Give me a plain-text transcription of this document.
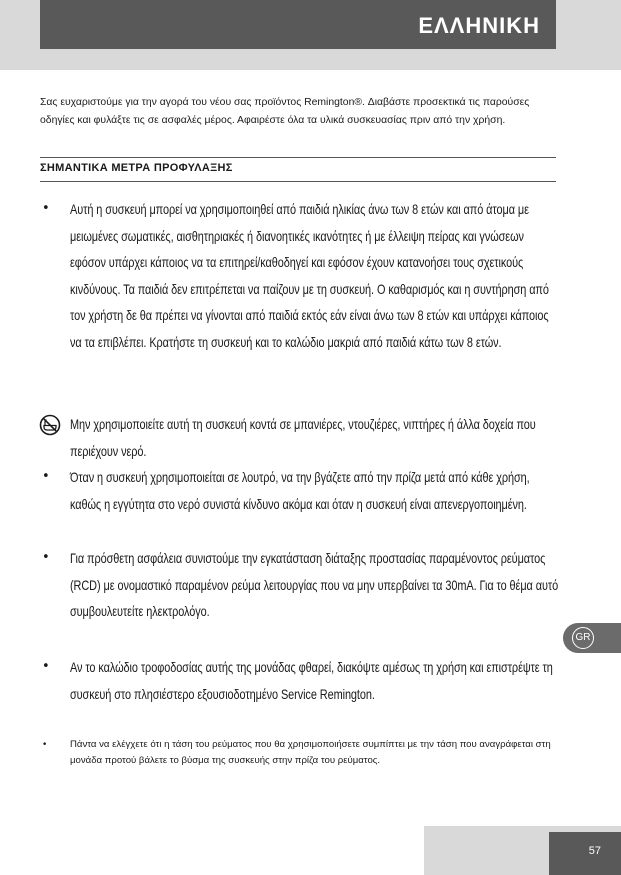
ΕΛΛΗΝΙΚΗ
Σας ευχαριστούμε για την αγορά του νέου σας προϊόντος Remington®. Διαβάστε προσεκτικά τις παρούσες οδηγίες και φυλάξτε τις σε ασφαλές μέρος. Αφαιρέστε όλα τα υλικά συσκευασίας πριν από την χρήση.
ΣΗΜΑΝΤΙΚΑ ΜΕΤΡΑ ΠΡΟΦΥΛΑΞΗΣ
•	Αυτή η συσκευή μπορεί να χρησιμοποιηθεί από παιδιά ηλικίας άνω των 8 ετών και από άτομα με μειωμένες σωματικές, αισθητηριακές ή διανοητικές ικανότητες ή με έλλειψη πείρας και γνώσεων εφόσον υπάρχει κάποιος να τα επιτηρεί/καθοδηγεί και εφόσον έχουν κατανοήσει τους σχετικούς κινδύνους. Τα παιδιά δεν επιτρέπεται να παίζουν με τη συσκευή. Ο καθαρισμός και η συντήρηση από τον χρήστη δε θα πρέπει να γίνονται από παιδιά εκτός εάν είναι άνω των 8 ετών και υπάρχει κάποιος να τα επιβλέπει. Κρατήστε τη συσκευή και το καλώδιο μακριά από παιδιά κάτω των 8 ετών.
Μην χρησιμοποιείτε αυτή τη συσκευή κοντά σε μπανιέρες, ντουζιέρες, νιπτήρες ή άλλα δοχεία που περιέχουν νερό.
•	Όταν η συσκευή χρησιμοποιείται σε λουτρό, να την βγάζετε από την πρίζα μετά από κάθε χρήση, καθώς η εγγύτητα στο νερό συνιστά κίνδυνο ακόμα και όταν η συσκευή είναι απενεργοποιημένη.
•	Για πρόσθετη ασφάλεια συνιστούμε την εγκατάσταση διάταξης προστασίας παραμένοντος ρεύματος (RCD) με ονομαστικό παραμένον ρεύμα λειτουργίας που να μην υπερβαίνει τα 30mA. Για το θέμα αυτό συμβουλευτείτε ηλεκτρολόγο.
•	Αν το καλώδιο τροφοδοσίας αυτής της μονάδας φθαρεί, διακόψτε αμέσως τη χρήση και επιστρέψτε τη συσκευή στο πλησιέστερο εξουσιοδοτημένο Service Remington.
•	Πάντα να ελέγχετε ότι η τάση του ρεύματος που θα χρησιμοποιήσετε συμπίπτει με την τάση που αναγράφεται στη μονάδα προτού βάλετε το βύσμα της συσκευής στην πρίζα του ρεύματος.
GR
57
